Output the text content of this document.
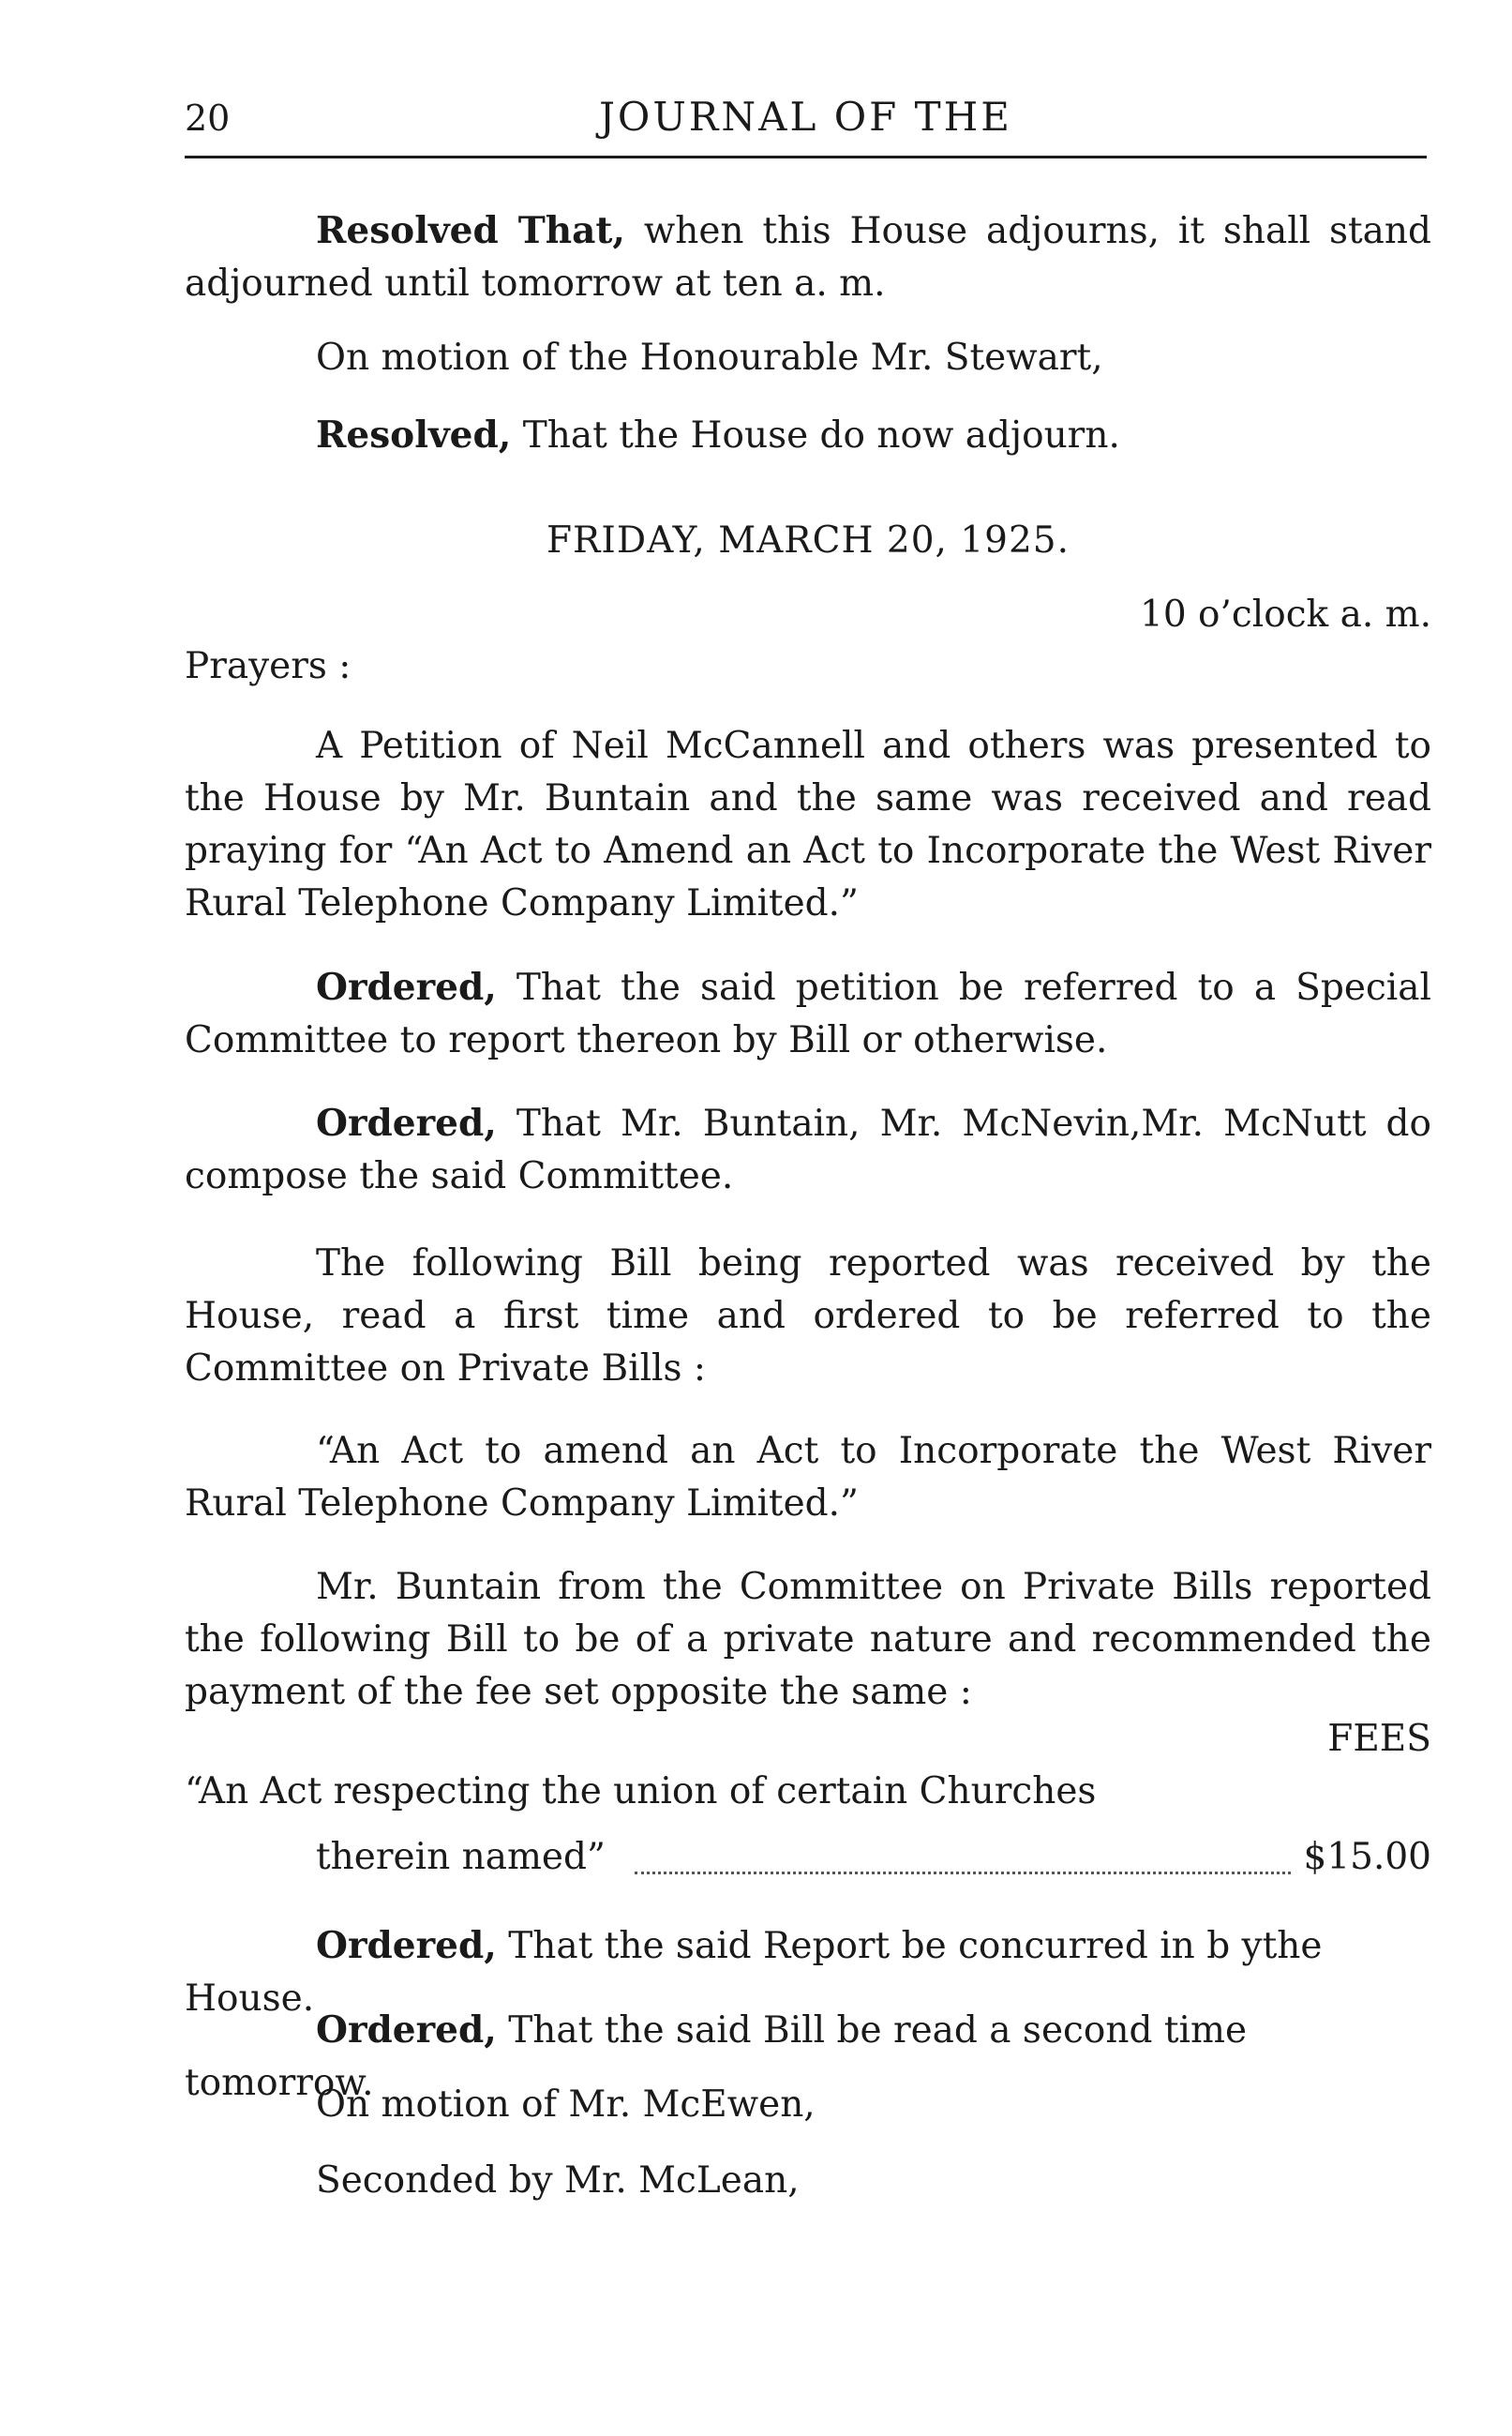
20	JOURNAL OF THE

Resolved That, when this House adjourns, it shall stand adjourned until tomorrow at ten a. m.

On motion of the Honourable Mr. Stewart,

Resolved, That the House do now adjourn.

FRIDAY, MARCH 20, 1925.

10 o’clock a. m.

Prayers :

A Petition of Neil McCannell and others was presented to the House by Mr. Buntain and the same was received and read praying for “An Act to Amend an Act to Incorporate the West River Rural Telephone Company Limited.”

Ordered, That the said petition be referred to a Special Committee to report thereon by Bill or otherwise.

Ordered, That Mr. Buntain, Mr. McNevin,Mr. McNutt do compose the said Committee.

The following Bill being reported was received by the House, read a first time and ordered to be referred to the Committee on Private Bills :

“An Act to amend an Act to Incorporate the West River Rural Telephone Company Limited.”

Mr. Buntain from the Committee on Private Bills reported the following Bill to be of a private nature and recommended the payment of the fee set opposite the same :

FEES

“An Act respecting the union of certain Churches

therein named”	$15.00

Ordered, That the said Report be concurred in b ythe House.

Ordered, That the said Bill be read a second time tomorrow.

On motion of Mr. McEwen,

Seconded by Mr. McLean,
